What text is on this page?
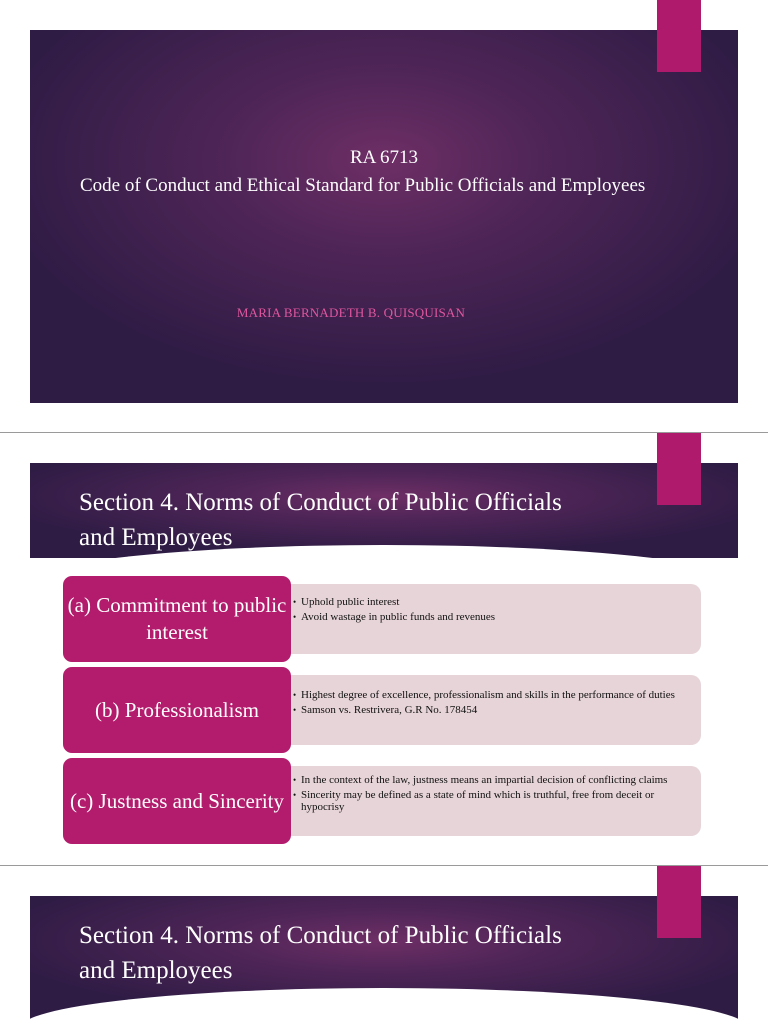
RA 6713
Code of Conduct and Ethical Standard for Public Officials and Employees
MARIA BERNADETH B. QUISQUISAN
Section 4. Norms of Conduct of Public Officials and Employees
(a) Commitment to public interest
• Uphold public interest
• Avoid wastage in public funds and revenues
(b) Professionalism
• Highest degree of excellence, professionalism and skills in the performance of duties
• Samson vs. Restrivera, G.R No. 178454
(c) Justness and Sincerity
• In the context of the law, justness means an impartial decision of conflicting claims
• Sincerity may be defined as a state of mind which is truthful, free from deceit or hypocrisy
Section 4. Norms of Conduct of Public Officials and Employees
